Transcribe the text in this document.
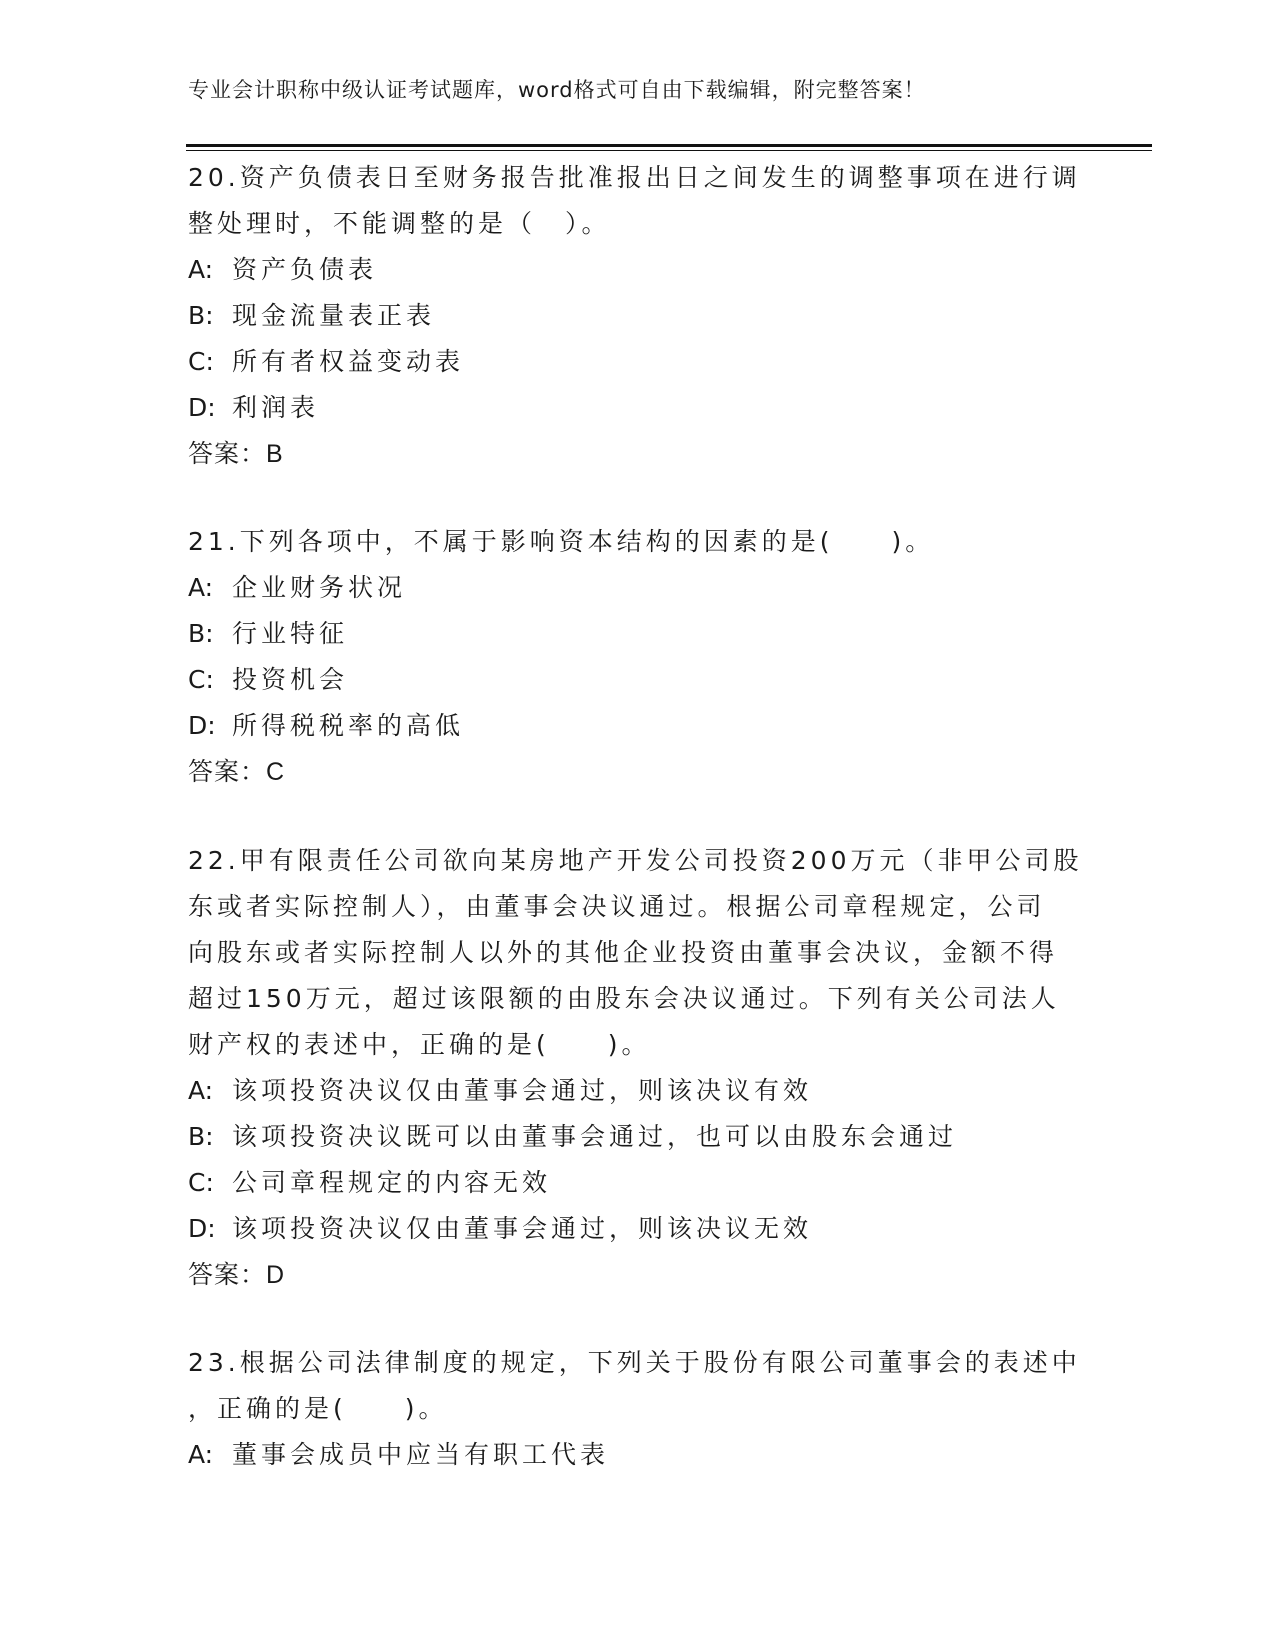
专业会计职称中级认证考试题库，word格式可自由下载编辑，附完整答案！
20.资产负债表日至财务报告批准报出日之间发生的调整事项在进行调
整处理时，不能调整的是（　）。
A: 资产负债表
B: 现金流量表正表
C: 所有者权益变动表
D: 利润表
答案：B
21.下列各项中，不属于影响资本结构的因素的是(　　)。
A: 企业财务状况
B: 行业特征
C: 投资机会
D: 所得税税率的高低
答案：C
22.甲有限责任公司欲向某房地产开发公司投资200万元（非甲公司股
东或者实际控制人），由董事会决议通过。根据公司章程规定，公司
向股东或者实际控制人以外的其他企业投资由董事会决议，金额不得
超过150万元，超过该限额的由股东会决议通过。下列有关公司法人
财产权的表述中，正确的是(　　)。
A: 该项投资决议仅由董事会通过，则该决议有效
B: 该项投资决议既可以由董事会通过，也可以由股东会通过
C: 公司章程规定的内容无效
D: 该项投资决议仅由董事会通过，则该决议无效
答案：D
23.根据公司法律制度的规定，下列关于股份有限公司董事会的表述中
，正确的是(　　)。
A: 董事会成员中应当有职工代表
